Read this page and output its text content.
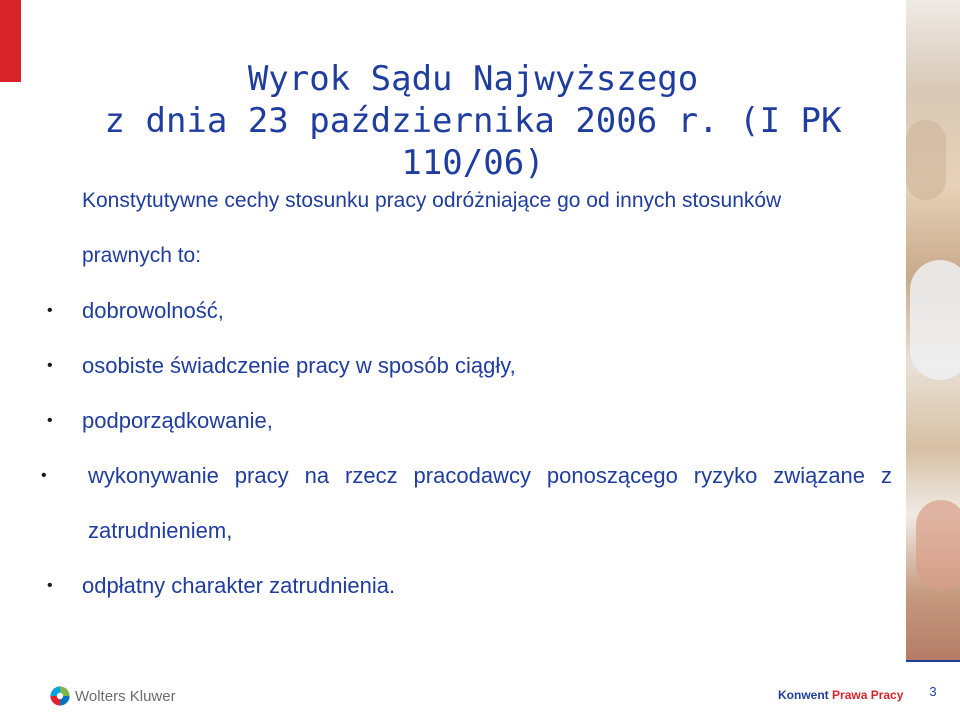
Wyrok Sądu Najwyższego
z dnia 23 października 2006 r. (I PK 110/06)

Konstytutywne cechy stosunku pracy odróżniające go od innych stosunków
prawnych to:

• dobrowolność,
• osobiste świadczenie pracy w sposób ciągły,
• podporządkowanie,
• wykonywanie pracy na rzecz pracodawcy ponoszącego ryzyko związane z zatrudnieniem,
• odpłatny charakter zatrudnienia.
Wolters Kluwer	Konwent Prawa Pracy	3
